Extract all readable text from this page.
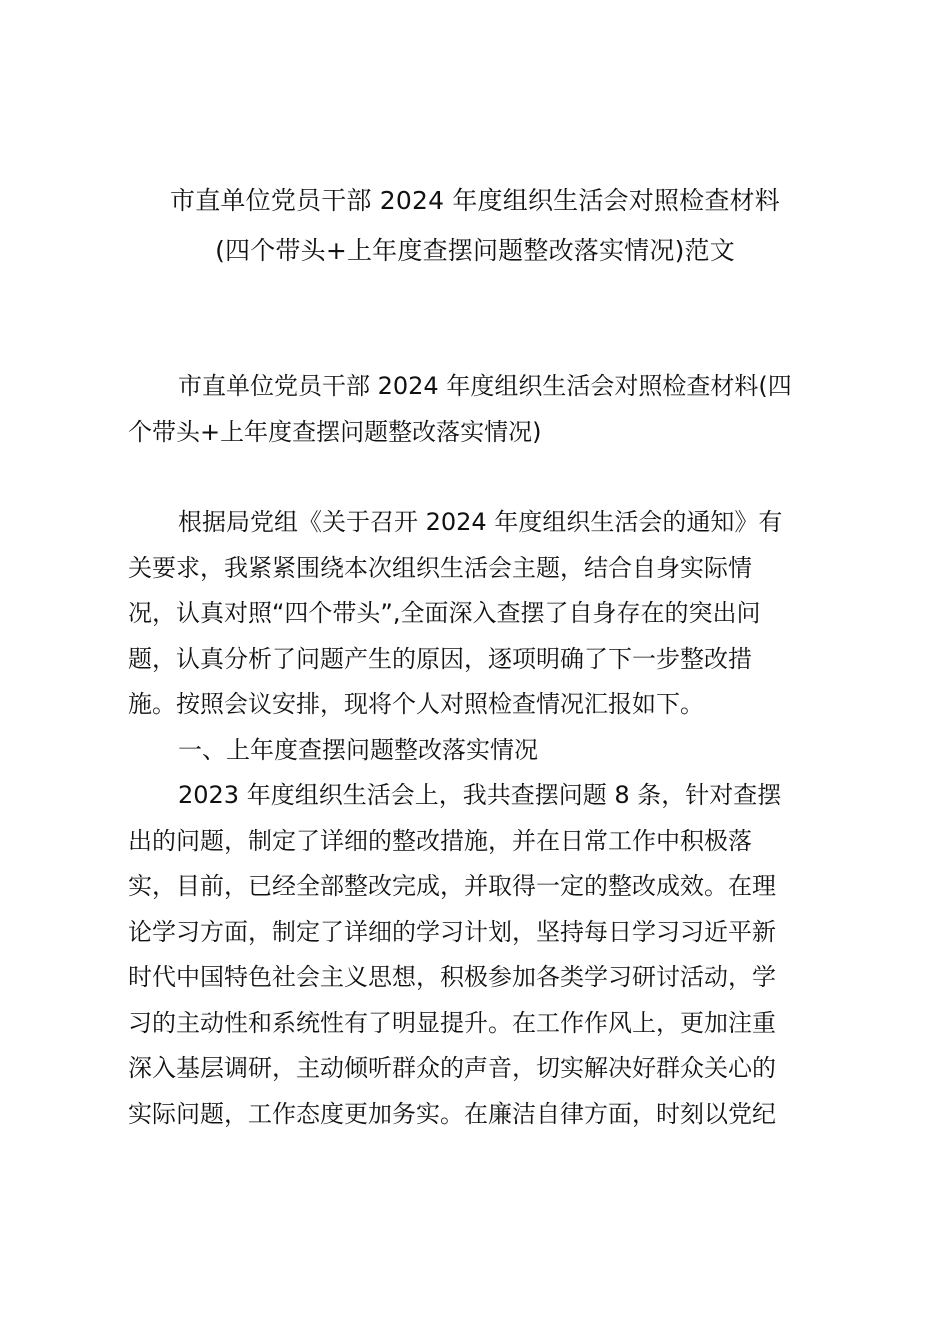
市直单位党员干部 2024 年度组织生活会对照检查材料
(四个带头+上年度查摆问题整改落实情况)范文
市直单位党员干部 2024 年度组织生活会对照检查材料(四
个带头+上年度查摆问题整改落实情况)
根据局党组《关于召开 2024 年度组织生活会的通知》有
关要求，我紧紧围绕本次组织生活会主题，结合自身实际情
况，认真对照“四个带头”,全面深入查摆了自身存在的突出问
题，认真分析了问题产生的原因，逐项明确了下一步整改措
施。按照会议安排，现将个人对照检查情况汇报如下。
一、上年度查摆问题整改落实情况
2023 年度组织生活会上，我共查摆问题 8 条，针对查摆
出的问题，制定了详细的整改措施，并在日常工作中积极落
实，目前，已经全部整改完成，并取得一定的整改成效。在理
论学习方面，制定了详细的学习计划，坚持每日学习习近平新
时代中国特色社会主义思想，积极参加各类学习研讨活动，学
习的主动性和系统性有了明显提升。在工作作风上，更加注重
深入基层调研，主动倾听群众的声音，切实解决好群众关心的
实际问题，工作态度更加务实。在廉洁自律方面，时刻以党纪
